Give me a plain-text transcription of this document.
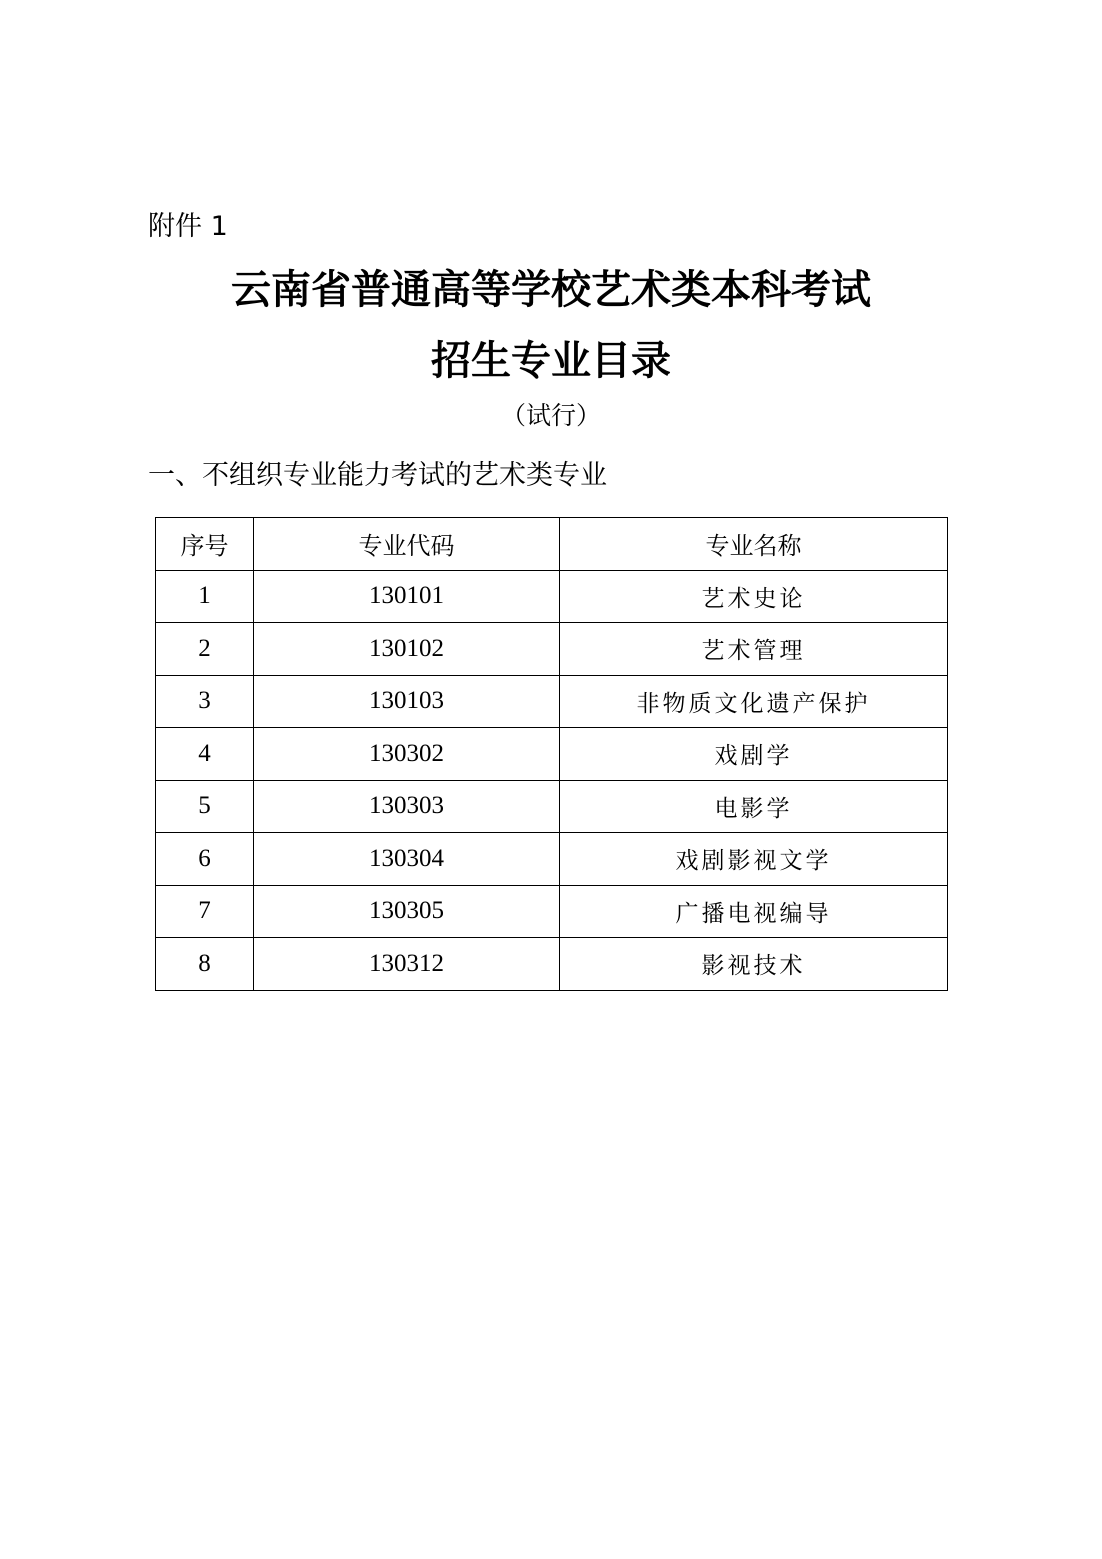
附件 1
云南省普通高等学校艺术类本科考试
招生专业目录
（试行）
一、不组织专业能力考试的艺术类专业
序号	专业代码	专业名称
1	130101	艺术史论
2	130102	艺术管理
3	130103	非物质文化遗产保护
4	130302	戏剧学
5	130303	电影学
6	130304	戏剧影视文学
7	130305	广播电视编导
8	130312	影视技术
